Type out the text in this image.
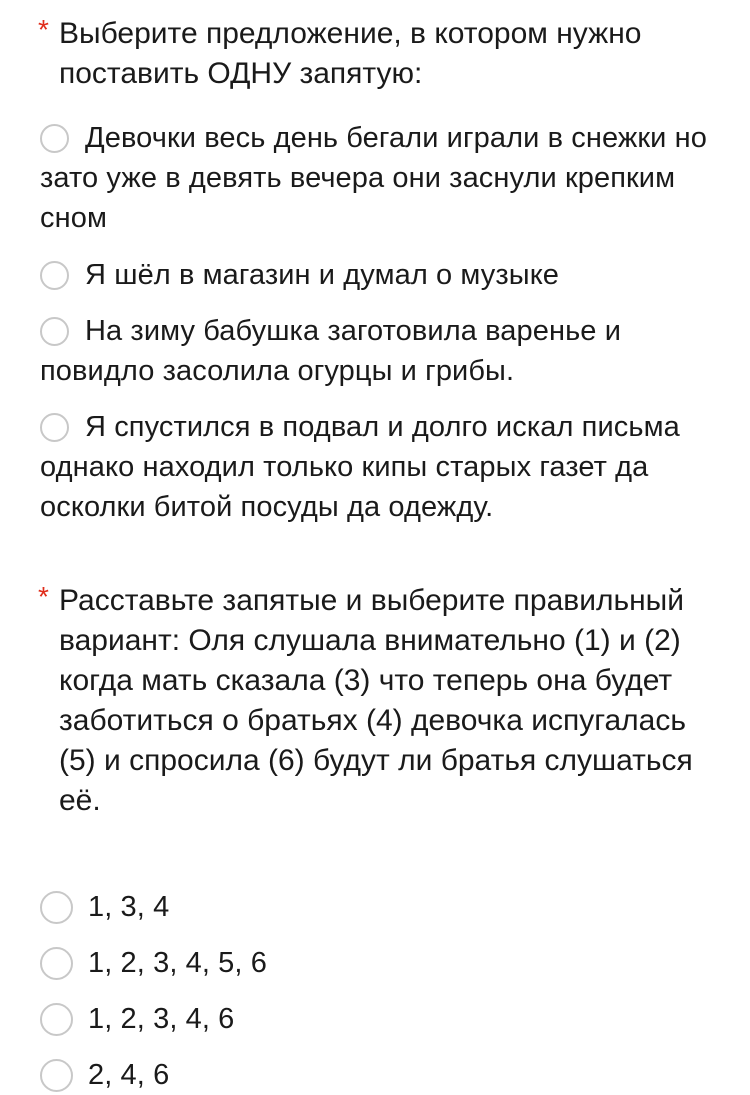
* Выберите предложение, в котором нужно поставить ОДНУ запятую:
Девочки весь день бегали играли в снежки но зато уже в девять вечера они заснули крепким сном
Я шёл в магазин и думал о музыке
На зиму бабушка заготовила варенье и повидло засолила огурцы и грибы.
Я спустился в подвал и долго искал письма однако находил только кипы старых газет да осколки битой посуды да одежду.
* Расставьте запятые и выберите правильный вариант: Оля слушала внимательно (1) и (2) когда мать сказала (3) что теперь она будет заботиться о братьях (4) девочка испугалась (5) и спросила (6) будут ли братья слушаться её.
1, 3, 4
1, 2, 3, 4, 5, 6
1, 2, 3, 4, 6
2, 4, 6
